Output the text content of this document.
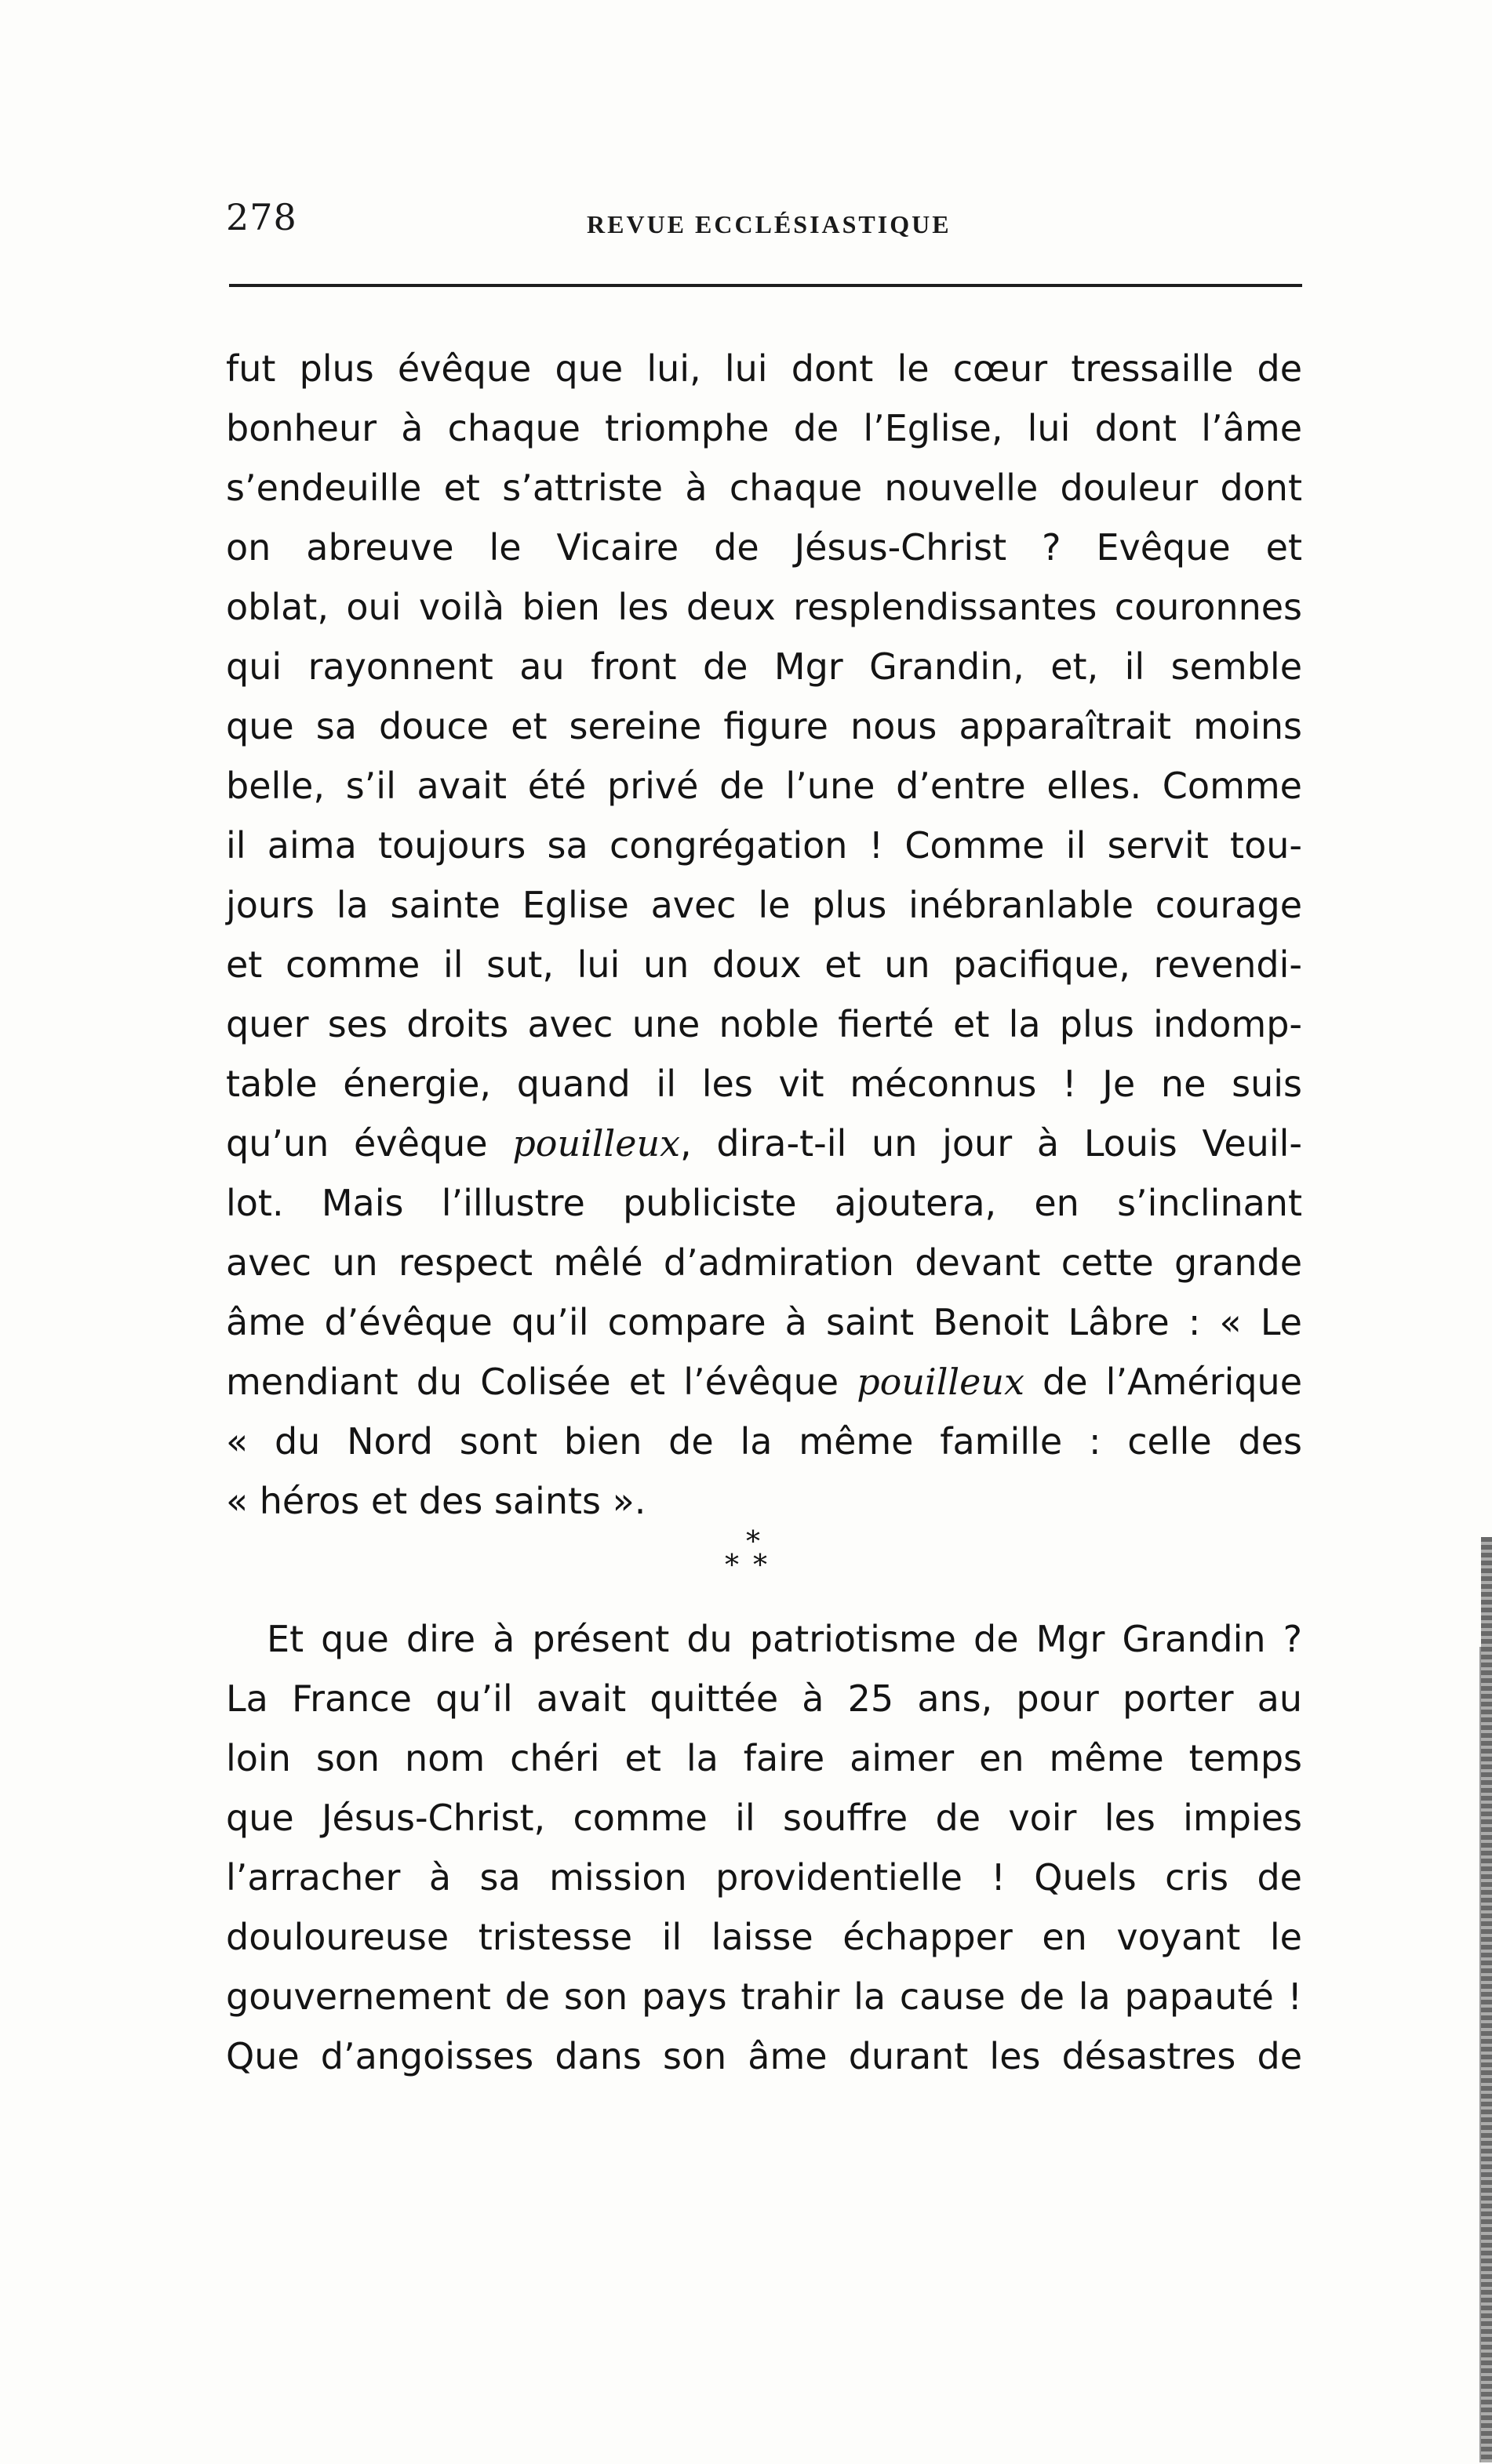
278	REVUE ECCLÉSIASTIQUE
fut plus évêque que lui, lui dont le cœur tressaille de
bonheur à chaque triomphe de l’Eglise, lui dont l’âme
s’endeuille et s’attriste à chaque nouvelle douleur dont
on abreuve le Vicaire de Jésus-Christ ? Evêque et
oblat, oui voilà bien les deux resplendissantes couronnes
qui rayonnent au front de Mgr Grandin, et, il semble
que sa douce et sereine figure nous apparaîtrait moins
belle, s’il avait été privé de l’une d’entre elles. Comme
il aima toujours sa congrégation ! Comme il servit tou-
jours la sainte Eglise avec le plus inébranlable courage
et comme il sut, lui un doux et un pacifique, revendi-
quer ses droits avec une noble fierté et la plus indomp-
table énergie, quand il les vit méconnus ! Je ne suis
qu’un évêque pouilleux, dira-t-il un jour à Louis Veuil-
lot. Mais l’illustre publiciste ajoutera, en s’inclinant
avec un respect mêlé d’admiration devant cette grande
âme d’évêque qu’il compare à saint Benoit Lâbre : « Le
mendiant du Colisée et l’évêque pouilleux de l’Amérique
« du Nord sont bien de la même famille : celle des
« héros et des saints ».
*
**
Et que dire à présent du patriotisme de Mgr Grandin ?
La France qu’il avait quittée à 25 ans, pour porter au
loin son nom chéri et la faire aimer en même temps
que Jésus-Christ, comme il souffre de voir les impies
l’arracher à sa mission providentielle ! Quels cris de
douloureuse tristesse il laisse échapper en voyant le
gouvernement de son pays trahir la cause de la papauté !
Que d’angoisses dans son âme durant les désastres de
